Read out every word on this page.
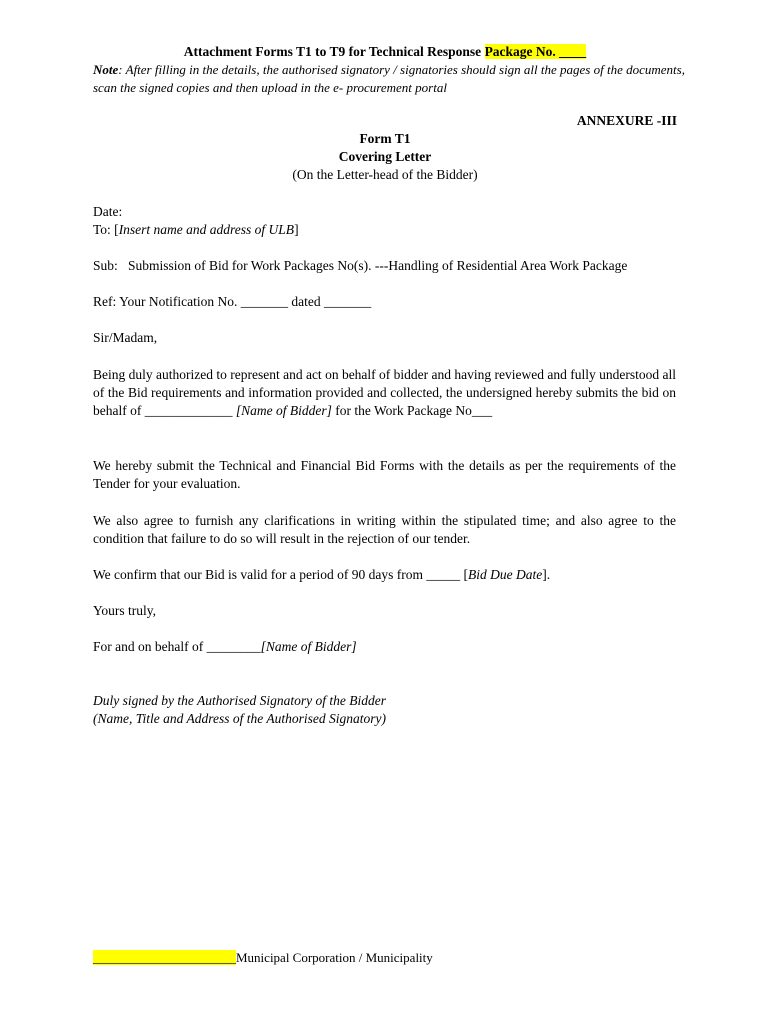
Attachment Forms T1 to T9 for Technical Response Package No. ____
Note: After filling in the details, the authorised signatory / signatories should sign all the pages of the documents, scan the signed copies and then upload in the e- procurement portal
ANNEXURE -III
Form T1
Covering Letter
(On the Letter-head of the Bidder)
Date:
To: [Insert name and address of ULB]
Sub: Submission of Bid for Work Packages No(s). ---Handling of Residential Area Work Package
Ref: Your Notification No. _______ dated _______
Sir/Madam,
Being duly authorized to represent and act on behalf of bidder and having reviewed and fully understood all of the Bid requirements and information provided and collected, the undersigned hereby submits the bid on behalf of _____________ [Name of Bidder] for the Work Package No___
We hereby submit the Technical and Financial Bid Forms with the details as per the requirements of the Tender for your evaluation.
We also agree to furnish any clarifications in writing within the stipulated time; and also agree to the condition that failure to do so will result in the rejection of our tender.
We confirm that our Bid is valid for a period of 90 days from _____ [Bid Due Date].
Yours truly,
For and on behalf of ________[Name of Bidder]
Duly signed by the Authorised Signatory of the Bidder
(Name, Title and Address of the Authorised Signatory)
______________________Municipal Corporation / Municipality
